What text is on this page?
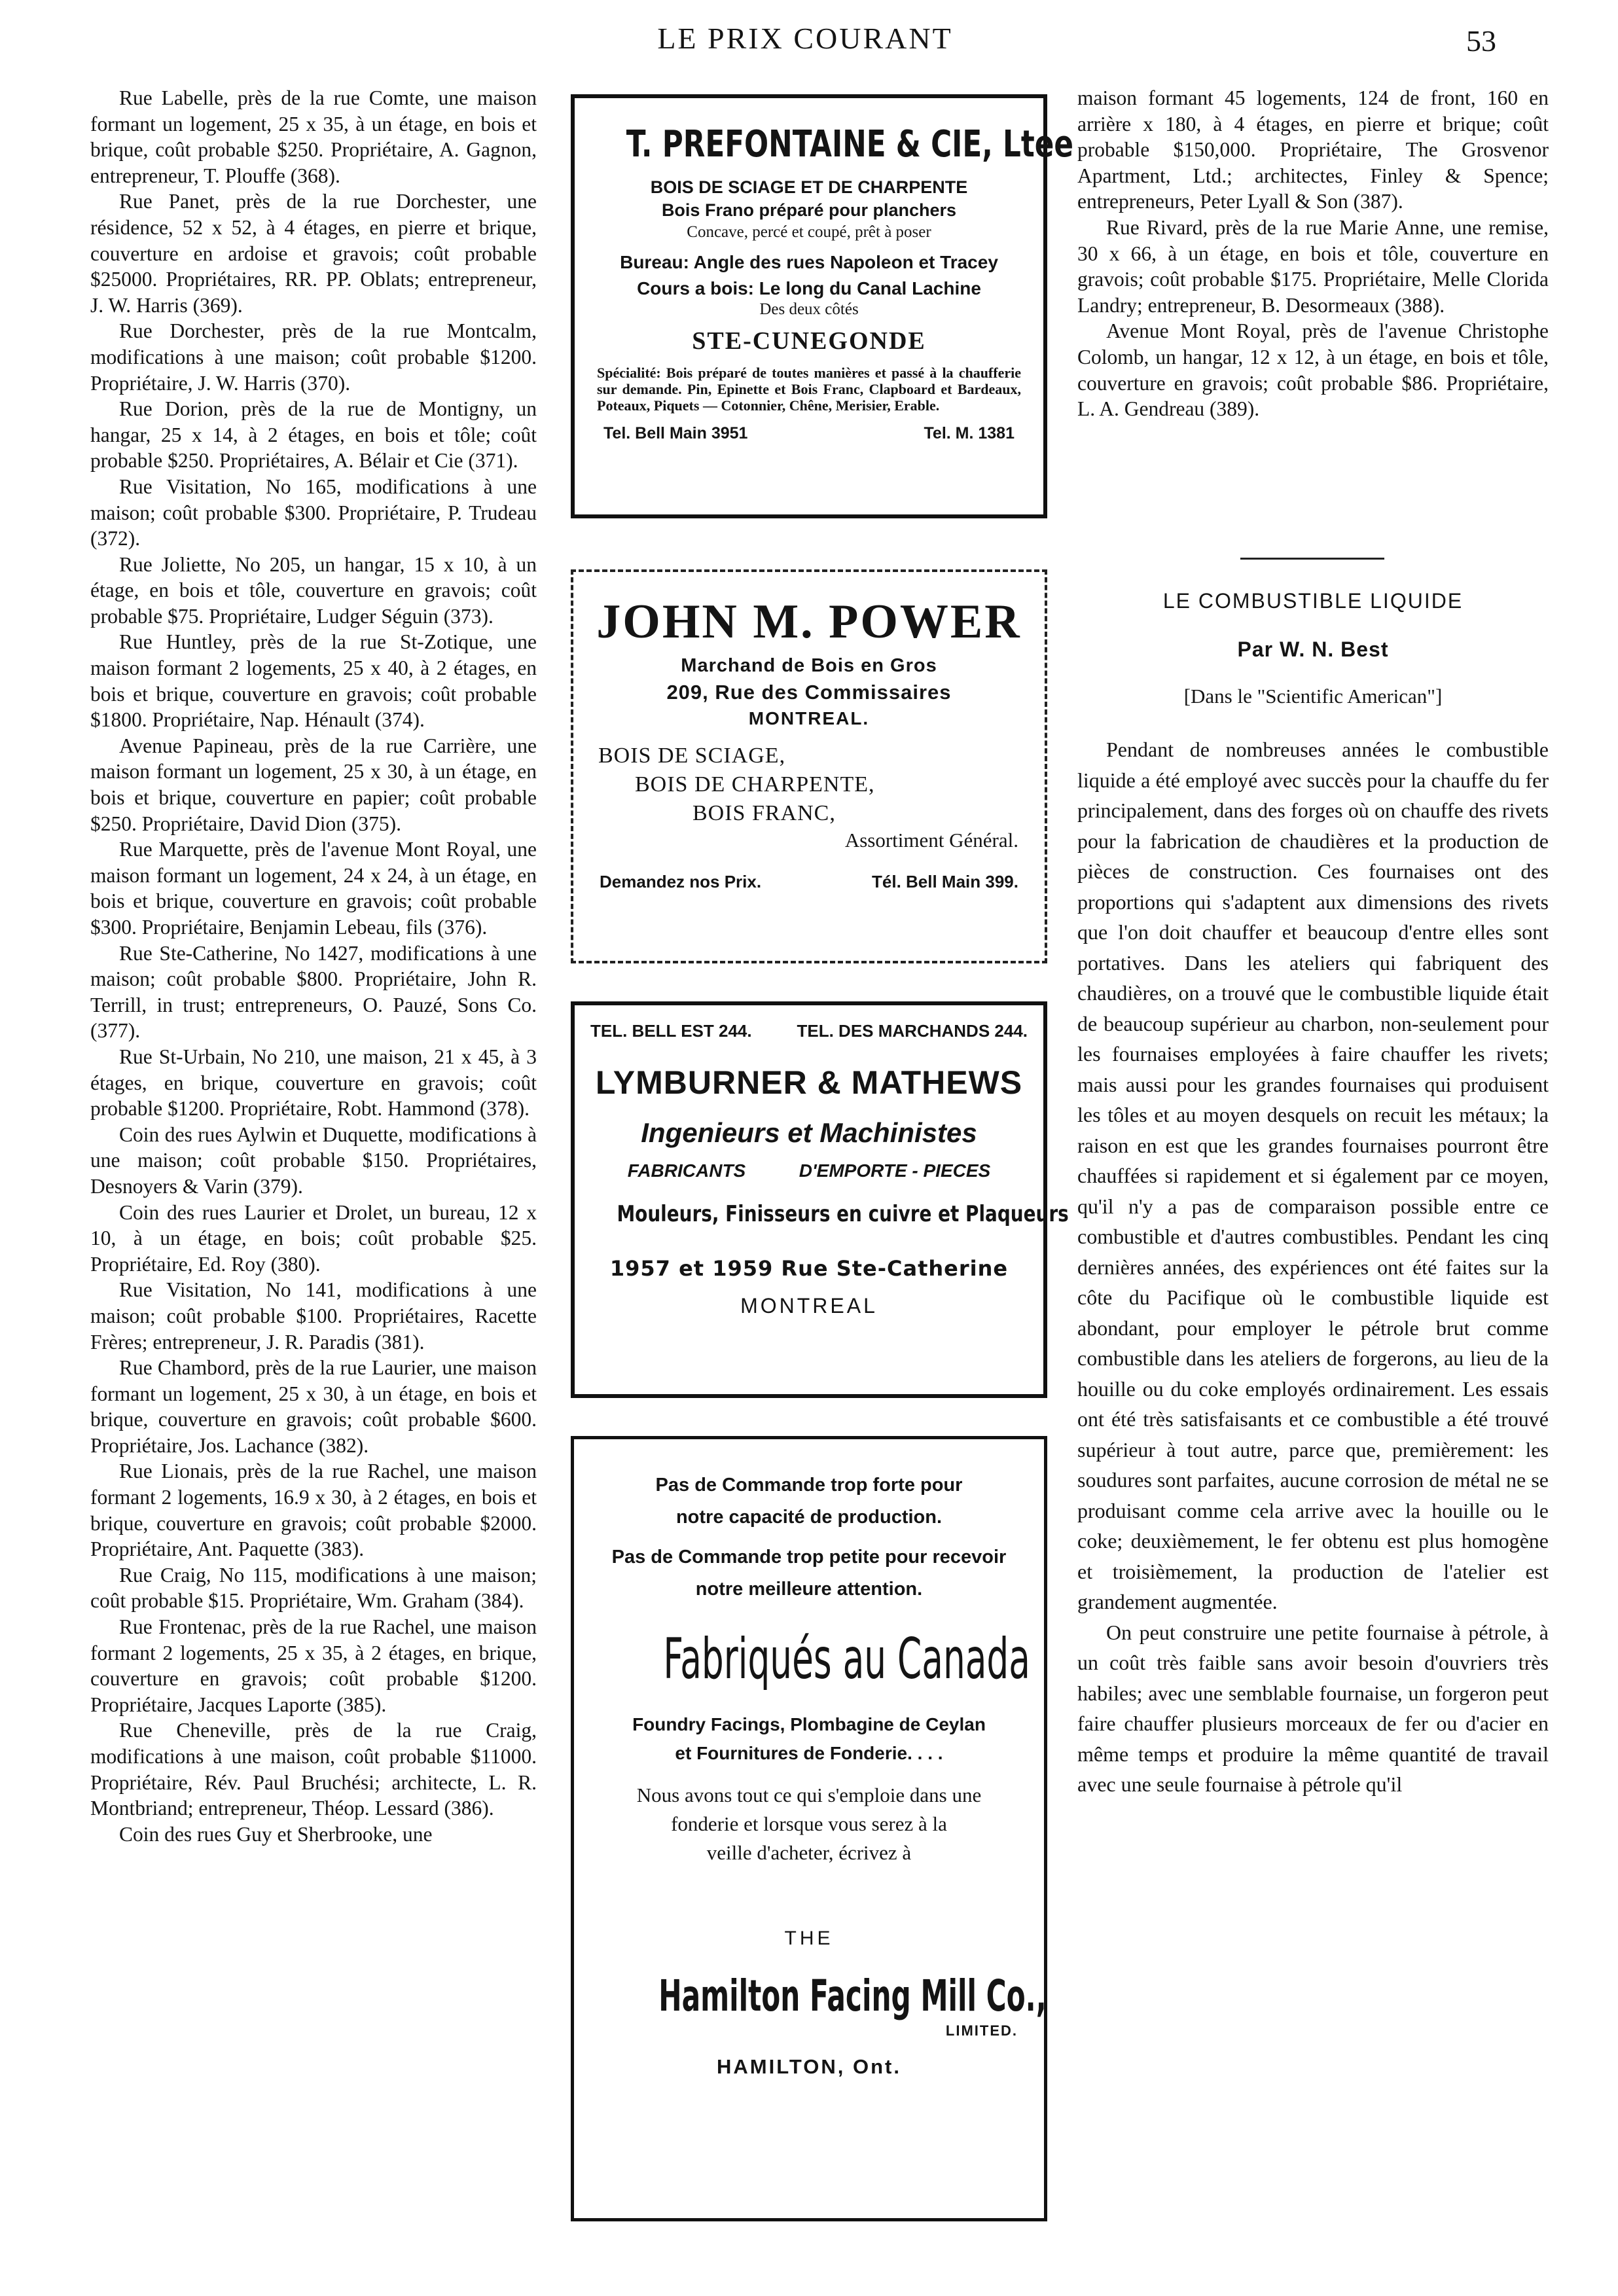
LE PRIX COURANT	53

Rue Labelle, près de la rue Comte, une maison formant un logement, 25 x 35, à un étage, en bois et brique, coût probable $250. Propriétaire, A. Gagnon, entrepreneur, T. Plouffe (368).

Rue Panet, près de la rue Dorchester, une résidence, 52 x 52, à 4 étages, en pierre et brique, couverture en ardoise et gravois; coût probable $25000. Propriétaires, RR. PP. Oblats; entrepreneur, J. W. Harris (369).

Rue Dorchester, près de la rue Montcalm, modifications à une maison; coût probable $1200. Propriétaire, J. W. Harris (370).

Rue Dorion, près de la rue de Montigny, un hangar, 25 x 14, à 2 étages, en bois et tôle; coût probable $250. Propriétaires, A. Bélair et Cie (371).

Rue Visitation, No 165, modifications à une maison; coût probable $300. Propriétaire, P. Trudeau (372).

Rue Joliette, No 205, un hangar, 15 x 10, à un étage, en bois et tôle, couverture en gravois; coût probable $75. Propriétaire, Ludger Séguin (373).

Rue Huntley, près de la rue St-Zotique, une maison formant 2 logements, 25 x 40, à 2 étages, en bois et brique, couverture en gravois; coût probable $1800. Propriétaire, Nap. Hénault (374).

Avenue Papineau, près de la rue Carrière, une maison formant un logement, 25 x 30, à un étage, en bois et brique, couverture en papier; coût probable $250. Propriétaire, David Dion (375).

Rue Marquette, près de l'avenue Mont Royal, une maison formant un logement, 24 x 24, à un étage, en bois et brique, couverture en gravois; coût probable $300. Propriétaire, Benjamin Lebeau, fils (376).

Rue Ste-Catherine, No 1427, modifications à une maison; coût probable $800. Propriétaire, John R. Terrill, in trust; entrepreneurs, O. Pauzé, Sons Co. (377).

Rue St-Urbain, No 210, une maison, 21 x 45, à 3 étages, en brique, couverture en gravois; coût probable $1200. Propriétaire, Robt. Hammond (378).

Coin des rues Aylwin et Duquette, modifications à une maison; coût probable $150. Propriétaires, Desnoyers & Varin (379).

Coin des rues Laurier et Drolet, un bureau, 12 x 10, à un étage, en bois; coût probable $25. Propriétaire, Ed. Roy (380).

Rue Visitation, No 141, modifications à une maison; coût probable $100. Propriétaires, Racette Frères; entrepreneur, J. R. Paradis (381).

Rue Chambord, près de la rue Laurier, une maison formant un logement, 25 x 30, à un étage, en bois et brique, couverture en gravois; coût probable $600. Propriétaire, Jos. Lachance (382).

Rue Lionais, près de la rue Rachel, une maison formant 2 logements, 16.9 x 30, à 2 étages, en bois et brique, couverture en gravois; coût probable $2000. Propriétaire, Ant. Paquette (383).

Rue Craig, No 115, modifications à une maison; coût probable $15. Propriétaire, Wm. Graham (384).

Rue Frontenac, près de la rue Rachel, une maison formant 2 logements, 25 x 35, à 2 étages, en brique, couverture en gravois; coût probable $1200. Propriétaire, Jacques Laporte (385).

Rue Cheneville, près de la rue Craig, modifications à une maison, coût probable $11000. Propriétaire, Rév. Paul Bruchési; architecte, L. R. Montbriand; entrepreneur, Théop. Lessard (386).

Coin des rues Guy et Sherbrooke, une

maison formant 45 logements, 124 de front, 160 en arrière x 180, à 4 étages, en pierre et brique; coût probable $150,000. Propriétaire, The Grosvenor Apartment, Ltd.; architectes, Finley & Spence; entrepreneurs, Peter Lyall & Son (387).

Rue Rivard, près de la rue Marie Anne, une remise, 30 x 66, à un étage, en bois et tôle, couverture en gravois; coût probable $175. Propriétaire, Melle Clorida Landry; entrepreneur, B. Desormeaux (388).

Avenue Mont Royal, près de l'avenue Christophe Colomb, un hangar, 12 x 12, à un étage, en bois et tôle, couverture en gravois; coût probable $86. Propriétaire, L. A. Gendreau (389).

LE COMBUSTIBLE LIQUIDE
Par W. N. Best
[Dans le "Scientific American"]

Pendant de nombreuses années le combustible liquide a été employé avec succès pour la chauffe du fer principalement, dans des forges où on chauffe des rivets pour la fabrication de chaudières et la production de pièces de construction. Ces fournaises ont des proportions qui s'adaptent aux dimensions des rivets que l'on doit chauffer et beaucoup d'entre elles sont portatives. Dans les ateliers qui fabriquent des chaudières, on a trouvé que le combustible liquide était de beaucoup supérieur au charbon, non-seulement pour les fournaises employées à faire chauffer les rivets; mais aussi pour les grandes fournaises qui produisent les tôles et au moyen desquels on recuit les métaux; la raison en est que les grandes fournaises pourront être chauffées si rapidement et si également par ce moyen, qu'il n'y a pas de comparaison possible entre ce combustible et d'autres combustibles. Pendant les cinq dernières années, des expériences ont été faites sur la côte du Pacifique où le combustible liquide est abondant, pour employer le pétrole brut comme combustible dans les ateliers de forgerons, au lieu de la houille ou du coke employés ordinairement. Les essais ont été très satisfaisants et ce combustible a été trouvé supérieur à tout autre, parce que, premièrement: les soudures sont parfaites, aucune corrosion de métal ne se produisant comme cela arrive avec la houille ou le coke; deuxièmement, le fer obtenu est plus homogène et troisièmement, la production de l'atelier est grandement augmentée.

On peut construire une petite fournaise à pétrole, à un coût très faible sans avoir besoin d'ouvriers très habiles; avec une semblable fournaise, un forgeron peut faire chauffer plusieurs morceaux de fer ou d'acier en même temps et produire la même quantité de travail avec une seule fournaise à pétrole qu'il

T. PREFONTAINE & CIE, Ltee
BOIS DE SCIAGE ET DE CHARPENTE
Bois Frano préparé pour planchers
Concave, percé et coupé, prêt à poser
Bureau: Angle des rues Napoleon et Tracey
Cours a bois: Le long du Canal Lachine
Des deux côtés
STE-CUNEGONDE
Spécialité: Bois préparé de toutes manières et passé à la chaufferie sur demande. Pin, Epinette et Bois Franc, Clapboard et Bardeaux, Poteaux, Piquets — Cotonnier, Chêne, Merisier, Erable.
Tel. Bell Main 3951	Tel. M. 1381
JOHN M. POWER
Marchand de Bois en Gros
209, Rue des Commissaires
MONTREAL.
BOIS DE SCIAGE,
BOIS DE CHARPENTE,
BOIS FRANC,
Assortiment Général.
Demandez nos Prix.	Tél. Bell Main 399.
TEL. BELL EST 244.	TEL. DES MARCHANDS 244.
LYMBURNER & MATHEWS
Ingenieurs et Machinistes
FABRICANTS	D'EMPORTE - PIECES
Mouleurs, Finisseurs en cuivre et Plaqueurs
1957 et 1959 Rue Ste-Catherine
MONTREAL
Pas de Commande trop forte pour
notre capacité de production.
Pas de Commande trop petite pour recevoir
notre meilleure attention.
Fabriqués au Canada
Foundry Facings, Plombagine de Ceylan
et Fournitures de Fonderie. . . .
Nous avons tout ce qui s'emploie dans une
fonderie et lorsque vous serez à la
veille d'acheter, écrivez à
THE
Hamilton Facing Mill Co.,
LIMITED.
HAMILTON, Ont.
